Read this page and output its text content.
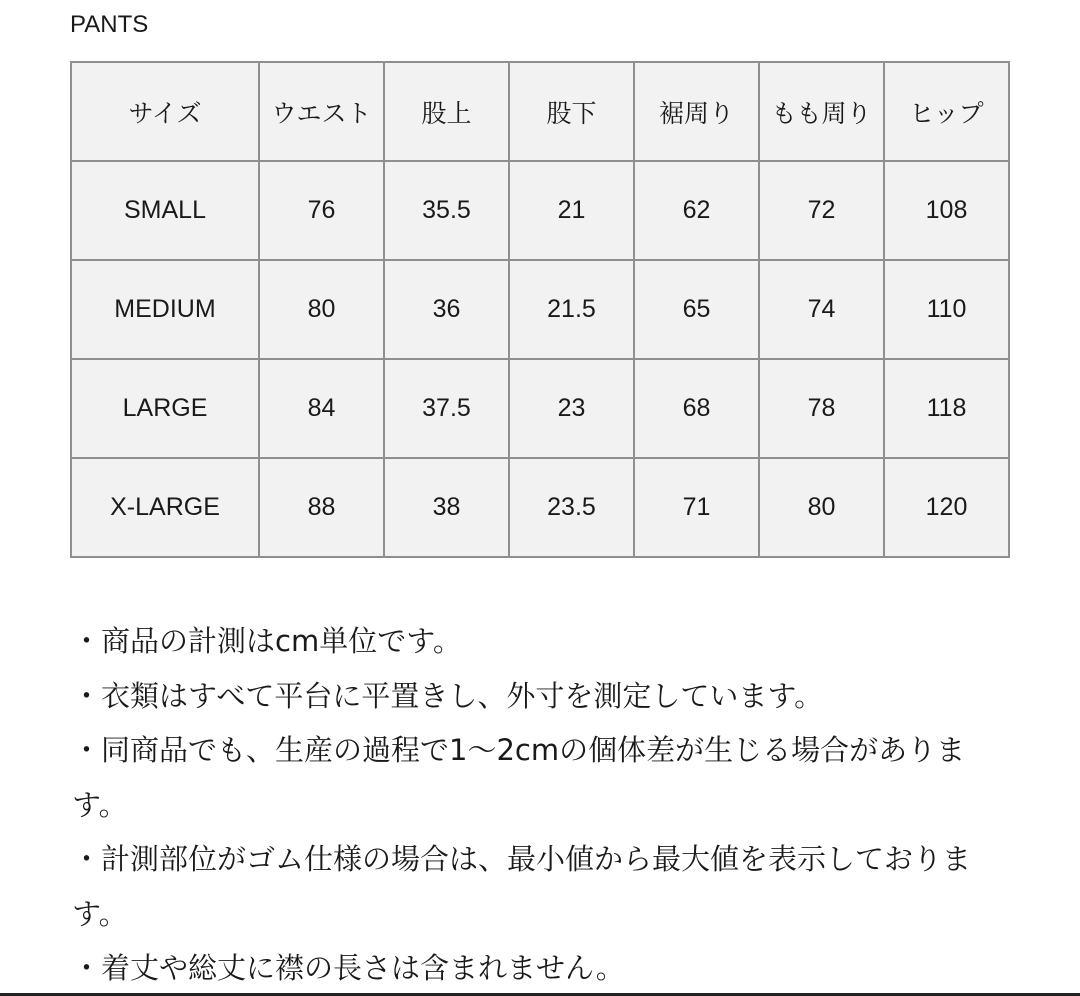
PANTS
サイズ	ウエスト	股上	股下	裾周り	もも周り	ヒップ
SMALL	76	35.5	21	62	72	108
MEDIUM	80	36	21.5	65	74	110
LARGE	84	37.5	23	68	78	118
X-LARGE	88	38	23.5	71	80	120

・商品の計測はcm単位です。

・衣類はすべて平台に平置きし、外寸を測定しています。

・同商品でも、生産の過程で1〜2cmの個体差が生じる場合があります。

・計測部位がゴム仕様の場合は、最小値から最大値を表示しております。

・着丈や総丈に襟の長さは含まれません。
